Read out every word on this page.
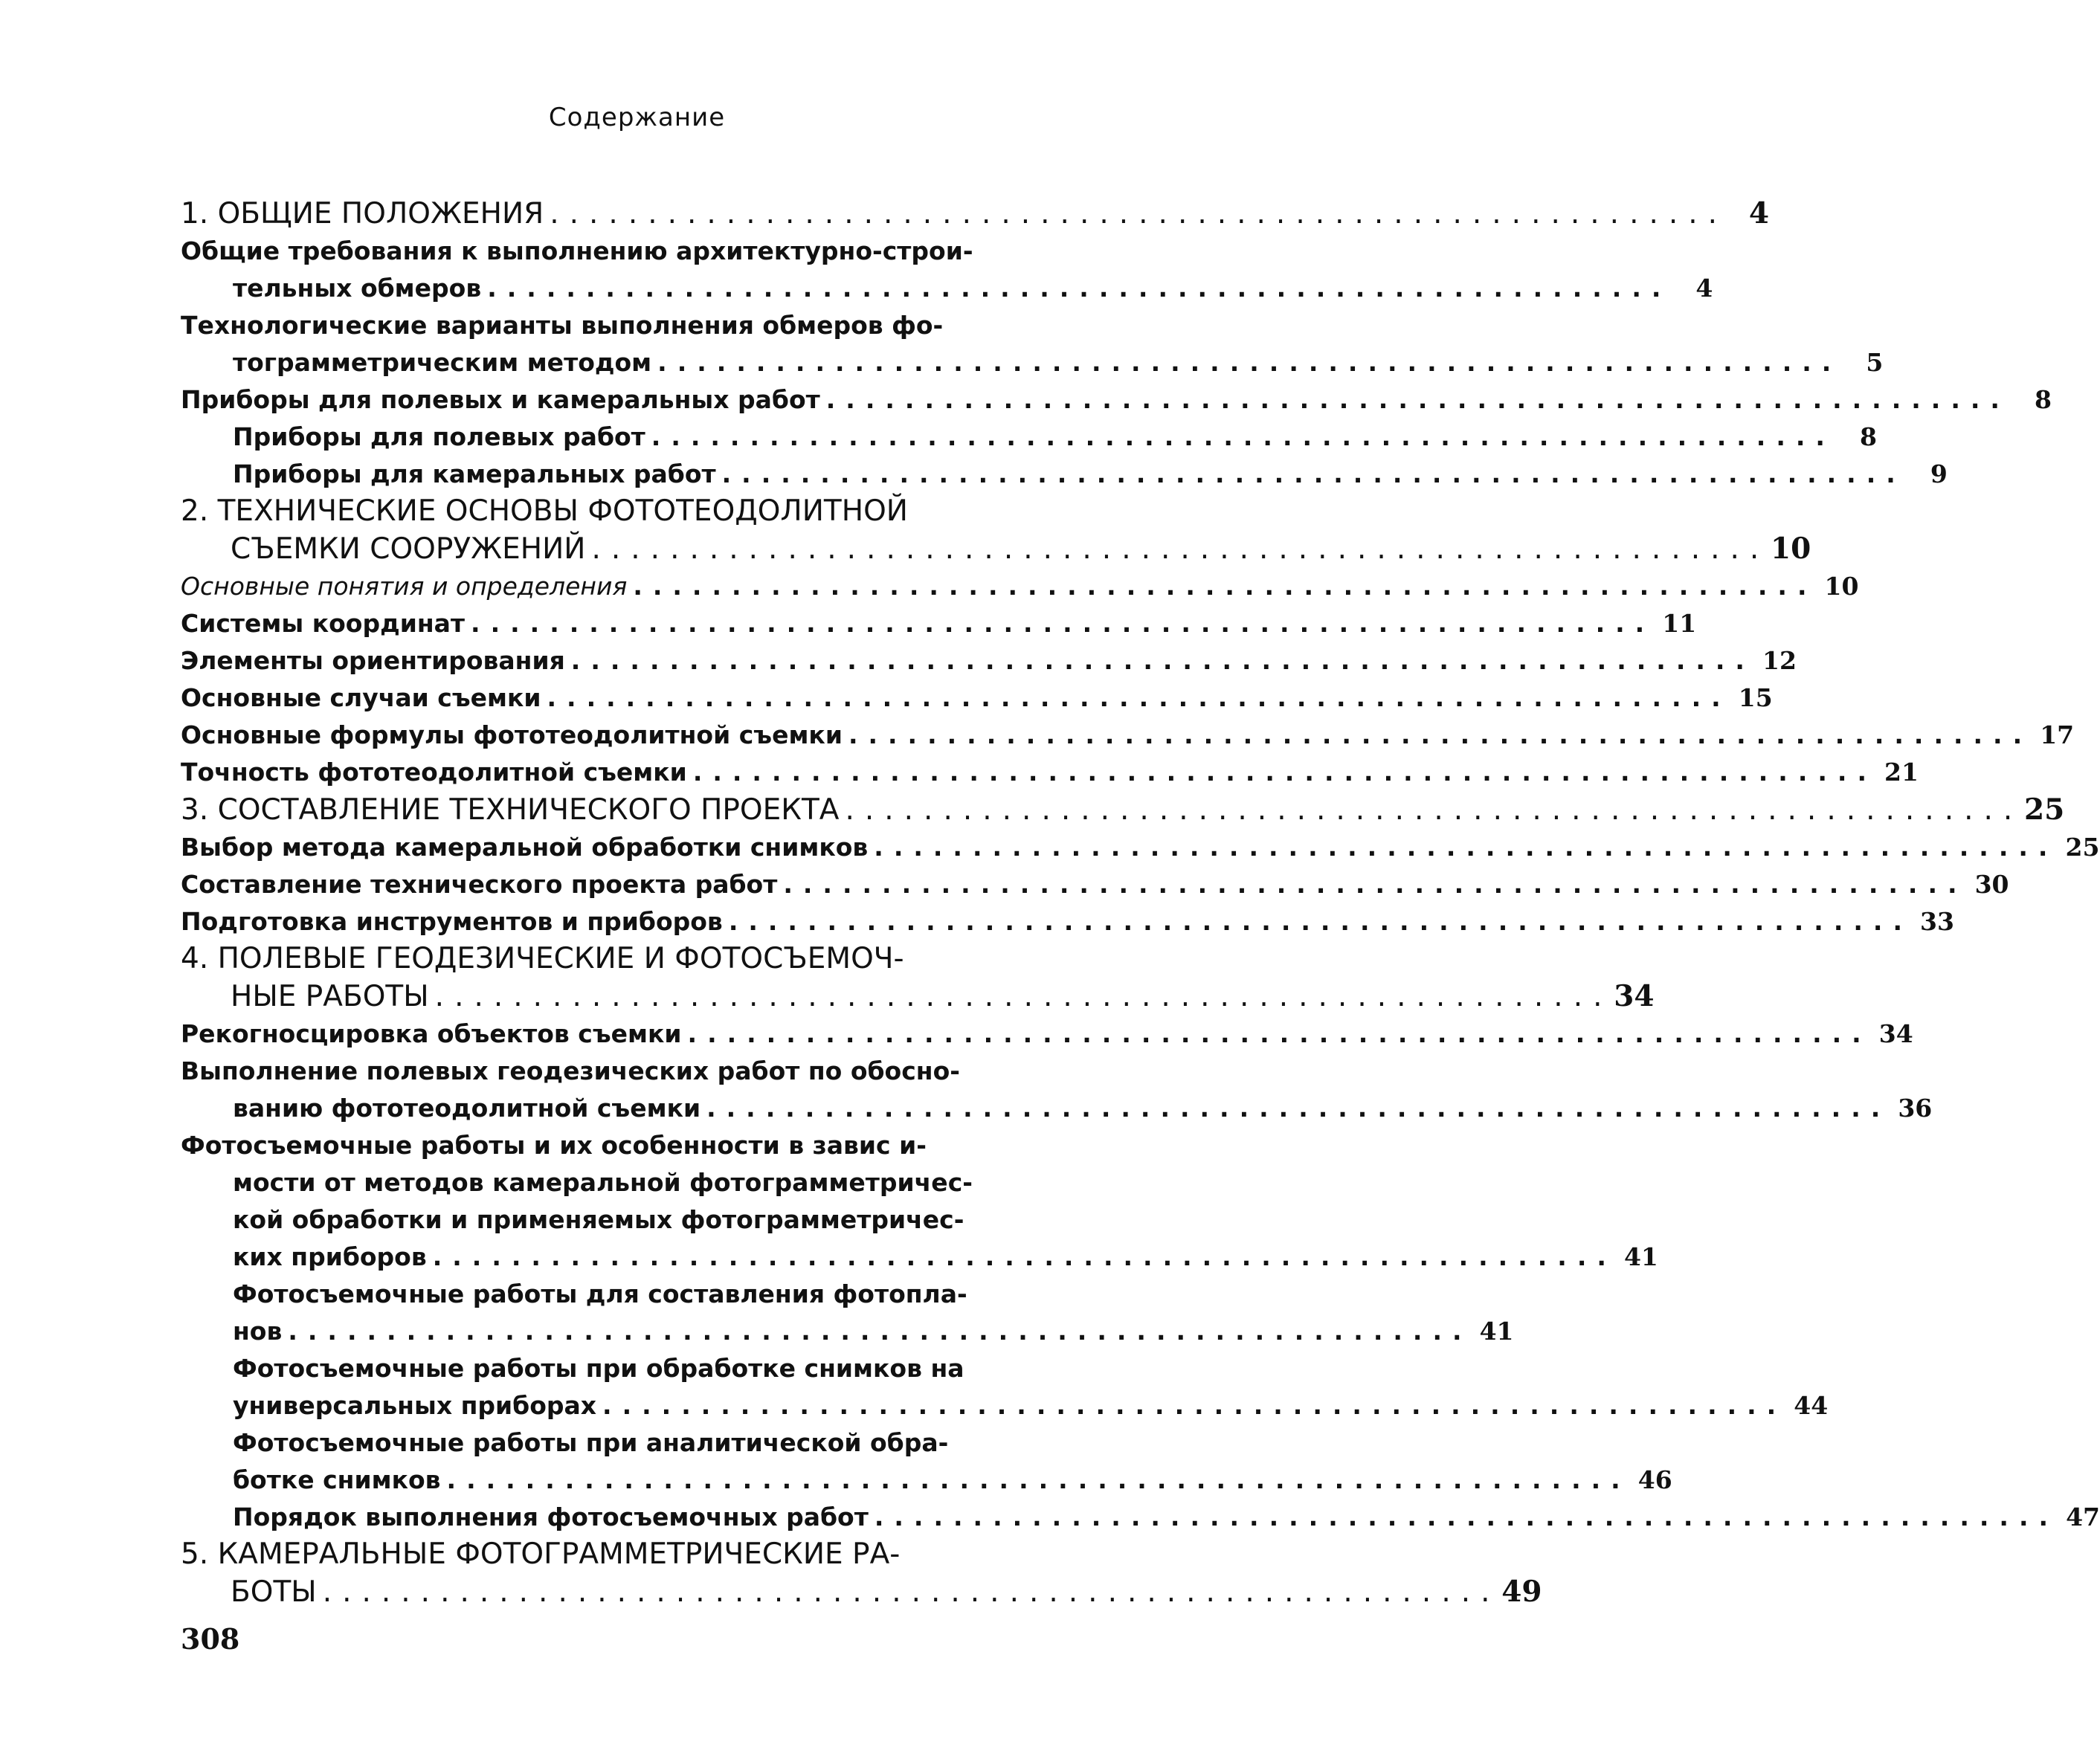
Содержание
1. ОБЩИЕ ПОЛОЖЕНИЯ ............................................................ 4
Общие требования к выполнению архитектурно-строи-
тельных обмеров ............................................................	4
Технологические варианты выполнения обмеров фо-
тограмметрическим методом ............................................................	5
Приборы для полевых и камеральных работ ............................................................	8
Приборы для полевых работ ............................................................	8
Приборы для камеральных работ ............................................................	9
2. ТЕХНИЧЕСКИЕ ОСНОВЫ ФОТОТЕОДОЛИТНОЙ
СЪЕМКИ СООРУЖЕНИЙ ............................................................ 10
Основные понятия и определения ............................................................ 10
Системы координат ............................................................ 11
Элементы ориентирования ............................................................ 12
Основные случаи съемки ............................................................ 15
Основные формулы фототеодолитной съемки ............................................................ 17
Точность фототеодолитной съемки ............................................................ 21
3. СОСТАВЛЕНИЕ ТЕХНИЧЕСКОГО ПРОЕКТА ............................................................ 25
Выбор метода камеральной обработки снимков ............................................................ 25
Составление технического проекта работ ............................................................ 30
Подготовка инструментов и приборов ............................................................ 33
4. ПОЛЕВЫЕ ГЕОДЕЗИЧЕСКИЕ И ФОТОСЪЕМОЧ-
НЫЕ РАБОТЫ ............................................................ 34
Рекогносцировка объектов съемки ............................................................ 34
Выполнение полевых геодезических работ по обосно-
ванию фототеодолитной съемки ............................................................ 36
Фотосъемочные работы и их особенности в завис и-
мости от методов камеральной фотограмметричес-
кой обработки и применяемых фотограмметричес-
ких приборов ............................................................ 41
Фотосъемочные работы для составления фотопла-
нов ............................................................ 41
Фотосъемочные работы при обработке снимков на
универсальных приборах ............................................................ 44
Фотосъемочные работы при аналитической обра-
ботке снимков ............................................................ 46
Порядок выполнения фотосъемочных работ ............................................................ 47
5. КАМЕРАЛЬНЫЕ ФОТОГРАММЕТРИЧЕСКИЕ РА-
БОТЫ ............................................................ 49
308
